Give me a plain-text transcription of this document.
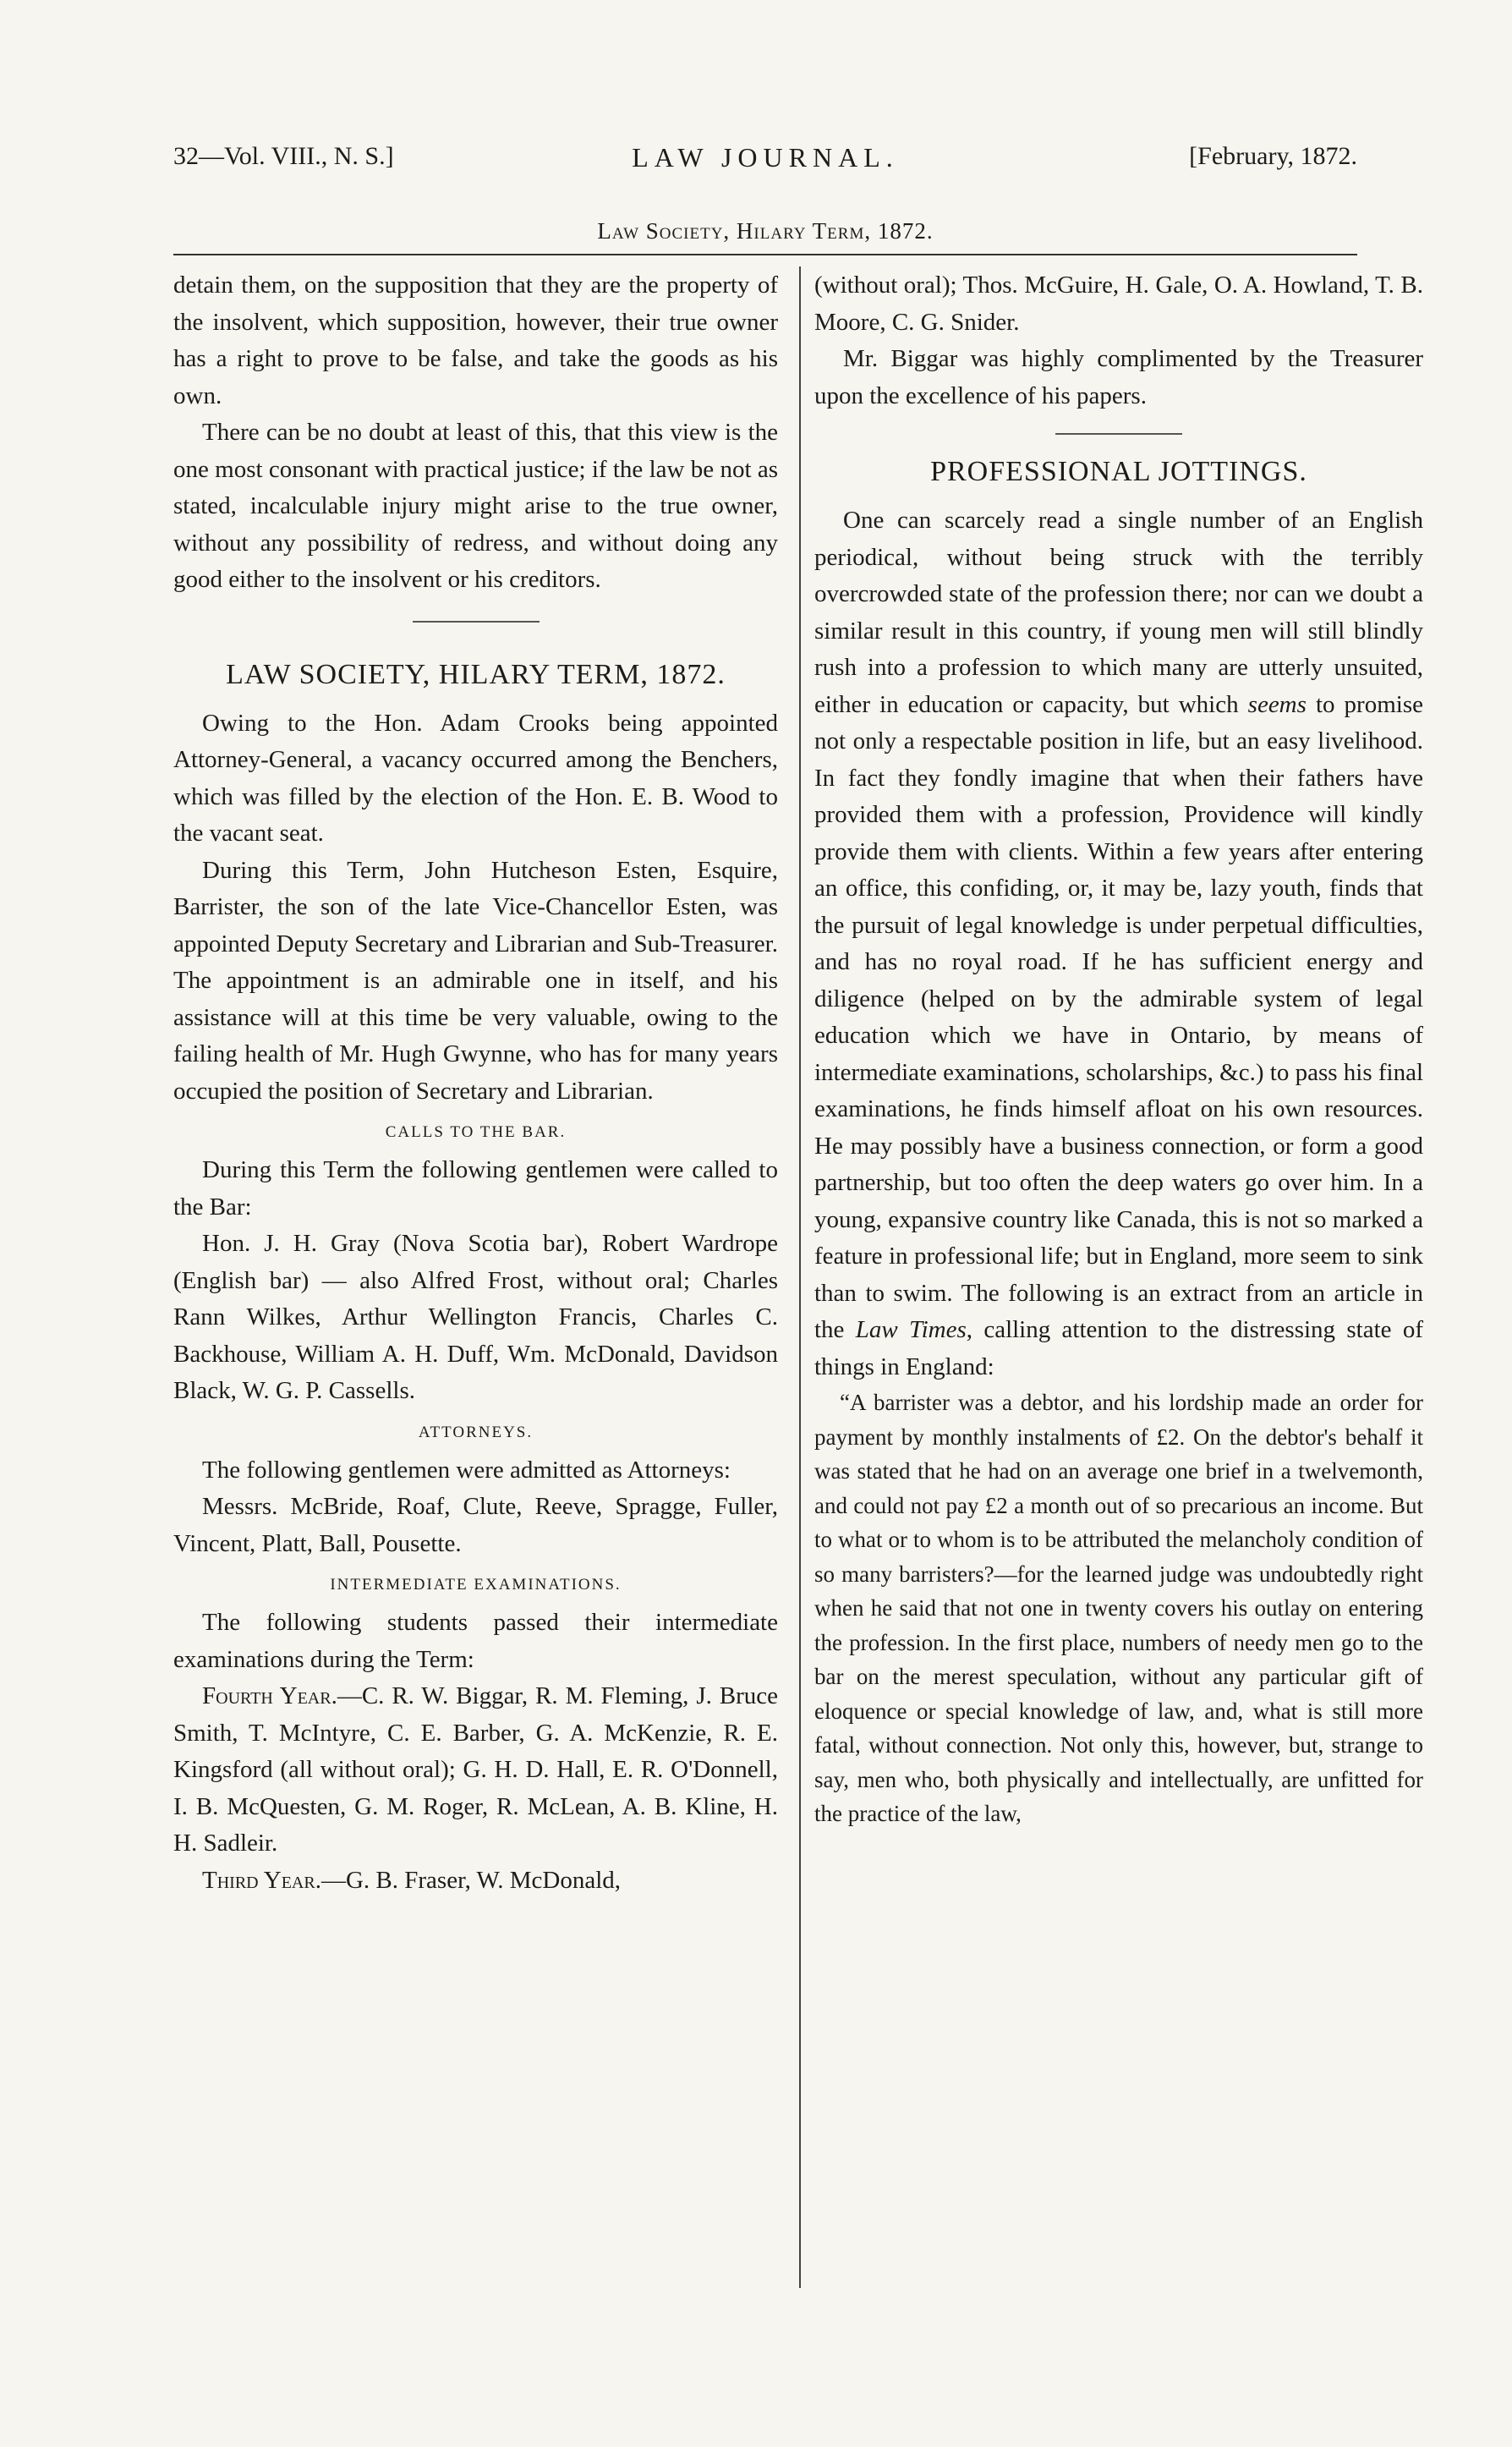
32—Vol. VIII., N. S.]	LAW JOURNAL.	[February, 1872.
Law Society, Hilary Term, 1872.

detain them, on the supposition that they are the property of the insolvent, which supposition, however, their true owner has a right to prove to be false, and take the goods as his own.

There can be no doubt at least of this, that this view is the one most consonant with practical justice; if the law be not as stated, incalculable injury might arise to the true owner, without any possibility of redress, and without doing any good either to the insolvent or his creditors.

LAW SOCIETY, HILARY TERM, 1872.

Owing to the Hon. Adam Crooks being appointed Attorney-General, a vacancy occurred among the Benchers, which was filled by the election of the Hon. E. B. Wood to the vacant seat.

During this Term, John Hutcheson Esten, Esquire, Barrister, the son of the late Vice-Chancellor Esten, was appointed Deputy Secretary and Librarian and Sub-Treasurer. The appointment is an admirable one in itself, and his assistance will at this time be very valuable, owing to the failing health of Mr. Hugh Gwynne, who has for many years occupied the position of Secretary and Librarian.

CALLS TO THE BAR.

During this Term the following gentlemen were called to the Bar:

Hon. J. H. Gray (Nova Scotia bar), Robert Wardrope (English bar) — also Alfred Frost, without oral; Charles Rann Wilkes, Arthur Wellington Francis, Charles C. Backhouse, William A. H. Duff, Wm. McDonald, Davidson Black, W. G. P. Cassells.

ATTORNEYS.

The following gentlemen were admitted as Attorneys:

Messrs. McBride, Roaf, Clute, Reeve, Spragge, Fuller, Vincent, Platt, Ball, Pousette.

INTERMEDIATE EXAMINATIONS.

The following students passed their intermediate examinations during the Term:

Fourth Year.—C. R. W. Biggar, R. M. Fleming, J. Bruce Smith, T. McIntyre, C. E. Barber, G. A. McKenzie, R. E. Kingsford (all without oral); G. H. D. Hall, E. R. O'Donnell, I. B. McQuesten, G. M. Roger, R. McLean, A. B. Kline, H. H. Sadleir.

Third Year.—G. B. Fraser, W. McDonald,

(without oral); Thos. McGuire, H. Gale, O. A. Howland, T. B. Moore, C. G. Snider.

Mr. Biggar was highly complimented by the Treasurer upon the excellence of his papers.

PROFESSIONAL JOTTINGS.

One can scarcely read a single number of an English periodical, without being struck with the terribly overcrowded state of the profession there; nor can we doubt a similar result in this country, if young men will still blindly rush into a profession to which many are utterly unsuited, either in education or capacity, but which seems to promise not only a respectable position in life, but an easy livelihood. In fact they fondly imagine that when their fathers have provided them with a profession, Providence will kindly provide them with clients. Within a few years after entering an office, this confiding, or, it may be, lazy youth, finds that the pursuit of legal knowledge is under perpetual difficulties, and has no royal road. If he has sufficient energy and diligence (helped on by the admirable system of legal education which we have in Ontario, by means of intermediate examinations, scholarships, &c.) to pass his final examinations, he finds himself afloat on his own resources. He may possibly have a business connection, or form a good partnership, but too often the deep waters go over him. In a young, expansive country like Canada, this is not so marked a feature in professional life; but in England, more seem to sink than to swim. The following is an extract from an article in the Law Times, calling attention to the distressing state of things in England:

“A barrister was a debtor, and his lordship made an order for payment by monthly instalments of £2. On the debtor's behalf it was stated that he had on an average one brief in a twelvemonth, and could not pay £2 a month out of so precarious an income. But to what or to whom is to be attributed the melancholy condition of so many barristers?—for the learned judge was undoubtedly right when he said that not one in twenty covers his outlay on entering the profession. In the first place, numbers of needy men go to the bar on the merest speculation, without any particular gift of eloquence or special knowledge of law, and, what is still more fatal, without connection. Not only this, however, but, strange to say, men who, both physically and intellectually, are unfitted for the practice of the law,
